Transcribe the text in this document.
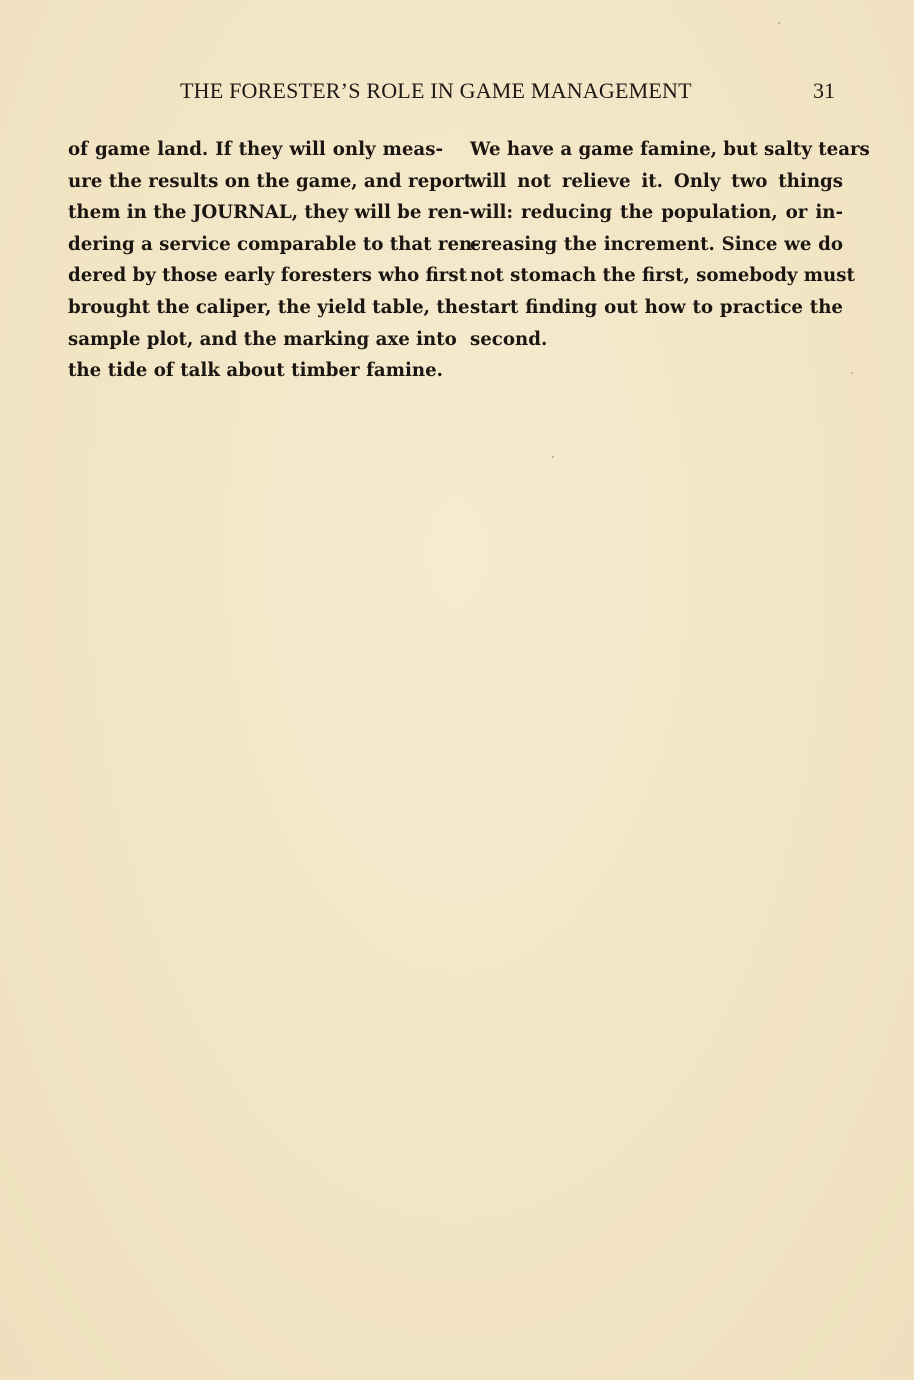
THE FORESTER’S ROLE IN GAME MANAGEMENT	31
of game land. If they will only meas-
ure the results on the game, and report
them in the JOURNAL, they will be ren-
dering a service comparable to that ren-
dered by those early foresters who first
brought the caliper, the yield table, the
sample plot, and the marking axe into
the tide of talk about timber famine.
We have a game famine, but salty tears
will not relieve it. Only two things
will: reducing the population, or in-
creasing the increment. Since we do
not stomach the first, somebody must
start finding out how to practice the
second.
